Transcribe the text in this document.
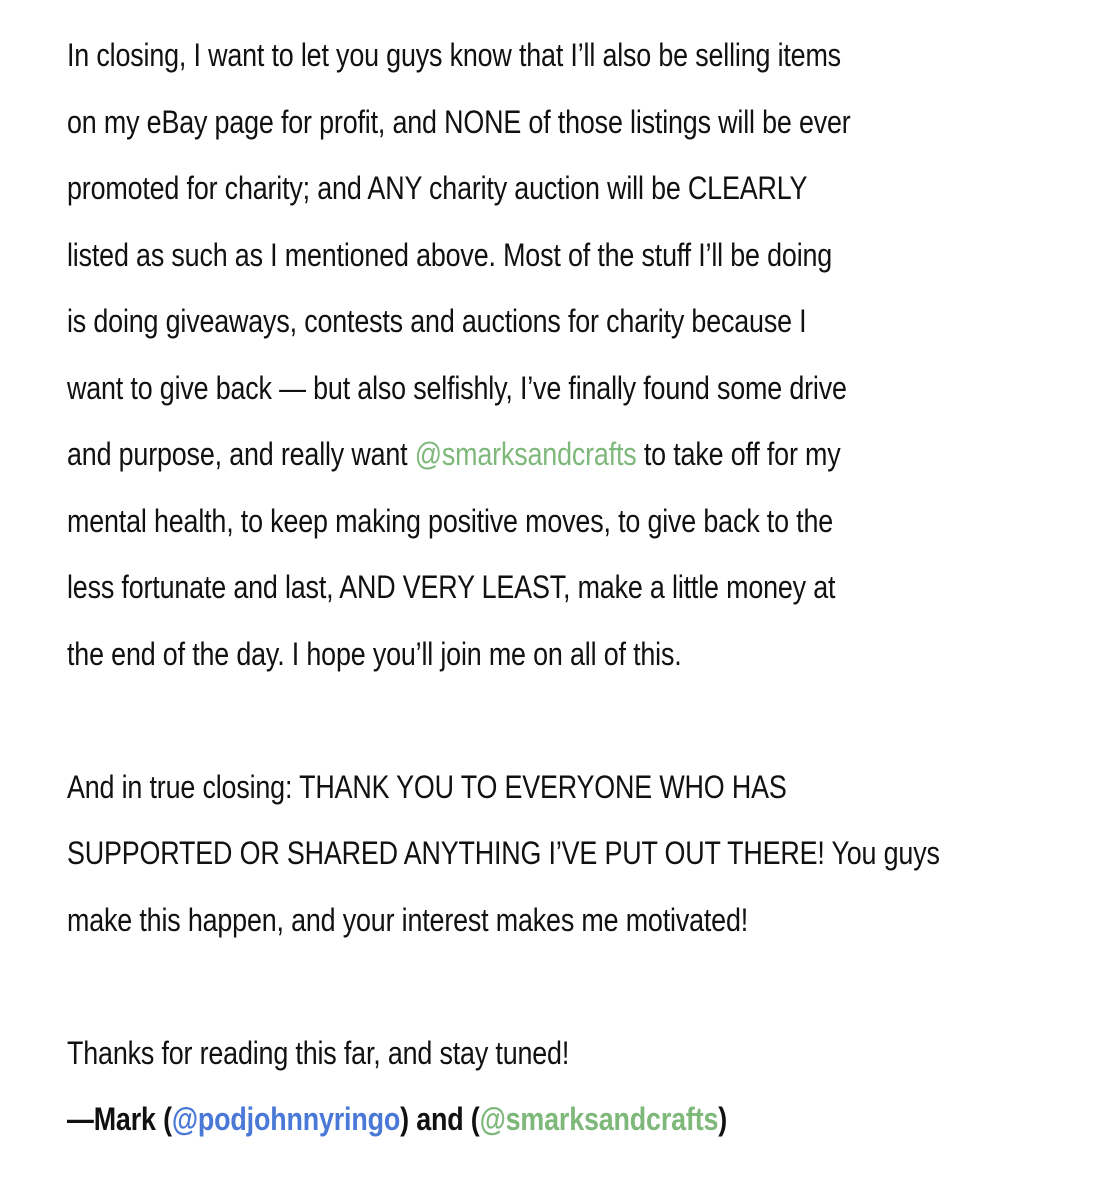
In closing, I want to let you guys know that I’ll also be selling items
on my eBay page for profit, and NONE of those listings will be ever
promoted for charity; and ANY charity auction will be CLEARLY
listed as such as I mentioned above. Most of the stuff I’ll be doing
is doing giveaways, contests and auctions for charity because I
want to give back — but also selfishly, I’ve finally found some drive
and purpose, and really want @smarksandcrafts to take off for my
mental health, to keep making positive moves, to give back to the
less fortunate and last, AND VERY LEAST, make a little money at
the end of the day. I hope you’ll join me on all of this.
And in true closing: THANK YOU TO EVERYONE WHO HAS
SUPPORTED OR SHARED ANYTHING I’VE PUT OUT THERE! You guys
make this happen, and your interest makes me motivated!
Thanks for reading this far, and stay tuned!
—Mark (@podjohnnyringo) and (@smarksandcrafts)
